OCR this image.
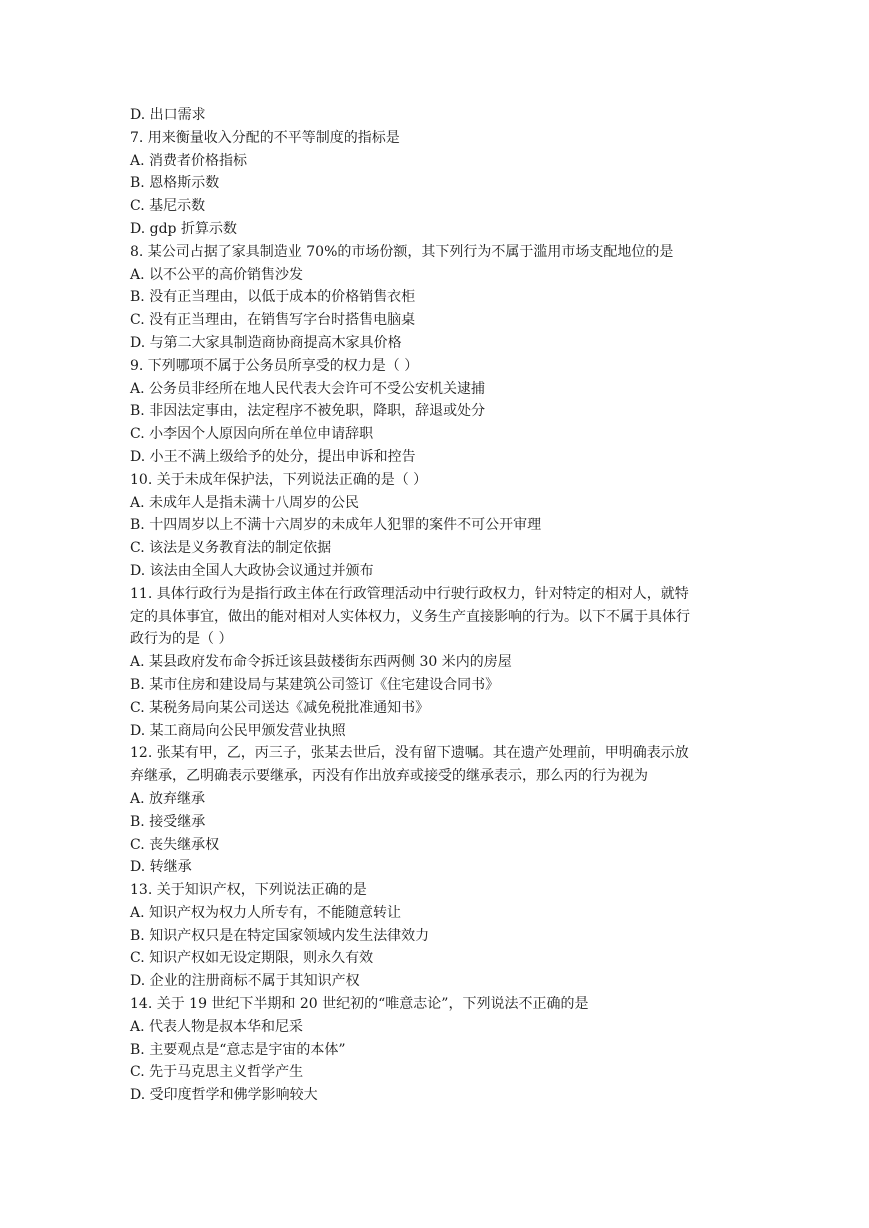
D. 出口需求

7. 用来衡量收入分配的不平等制度的指标是

A. 消费者价格指标

B. 恩格斯示数

C. 基尼示数

D. gdp 折算示数

8. 某公司占据了家具制造业 70%的市场份额，其下列行为不属于滥用市场支配地位的是

A. 以不公平的高价销售沙发

B. 没有正当理由，以低于成本的价格销售衣柜

C. 没有正当理由，在销售写字台时搭售电脑桌

D. 与第二大家具制造商协商提高木家具价格

9. 下列哪项不属于公务员所享受的权力是（ ）

A. 公务员非经所在地人民代表大会许可不受公安机关逮捕

B. 非因法定事由，法定程序不被免职，降职，辞退或处分

C. 小李因个人原因向所在单位申请辞职

D. 小王不满上级给予的处分，提出申诉和控告

10. 关于未成年保护法，下列说法正确的是（ ）

A. 未成年人是指未满十八周岁的公民

B. 十四周岁以上不满十六周岁的未成年人犯罪的案件不可公开审理

C. 该法是义务教育法的制定依据

D. 该法由全国人大政协会议通过并颁布

11. 具体行政行为是指行政主体在行政管理活动中行驶行政权力，针对特定的相对人，就特

定的具体事宜，做出的能对相对人实体权力，义务生产直接影响的行为。以下不属于具体行

政行为的是（ ）

A. 某县政府发布命令拆迁该县鼓楼街东西两侧 30 米内的房屋

B. 某市住房和建设局与某建筑公司签订《住宅建设合同书》

C. 某税务局向某公司送达《减免税批准通知书》

D. 某工商局向公民甲颁发营业执照

12. 张某有甲，乙，丙三子，张某去世后，没有留下遗嘱。其在遗产处理前，甲明确表示放

弃继承，乙明确表示要继承，丙没有作出放弃或接受的继承表示，那么丙的行为视为

A. 放弃继承

B. 接受继承

C. 丧失继承权

D. 转继承

13. 关于知识产权，下列说法正确的是

A. 知识产权为权力人所专有，不能随意转让

B. 知识产权只是在特定国家领域内发生法律效力

C. 知识产权如无设定期限，则永久有效

D. 企业的注册商标不属于其知识产权

14. 关于 19 世纪下半期和 20 世纪初的“唯意志论”，下列说法不正确的是

A. 代表人物是叔本华和尼采

B. 主要观点是“意志是宇宙的本体”

C. 先于马克思主义哲学产生

D. 受印度哲学和佛学影响较大
